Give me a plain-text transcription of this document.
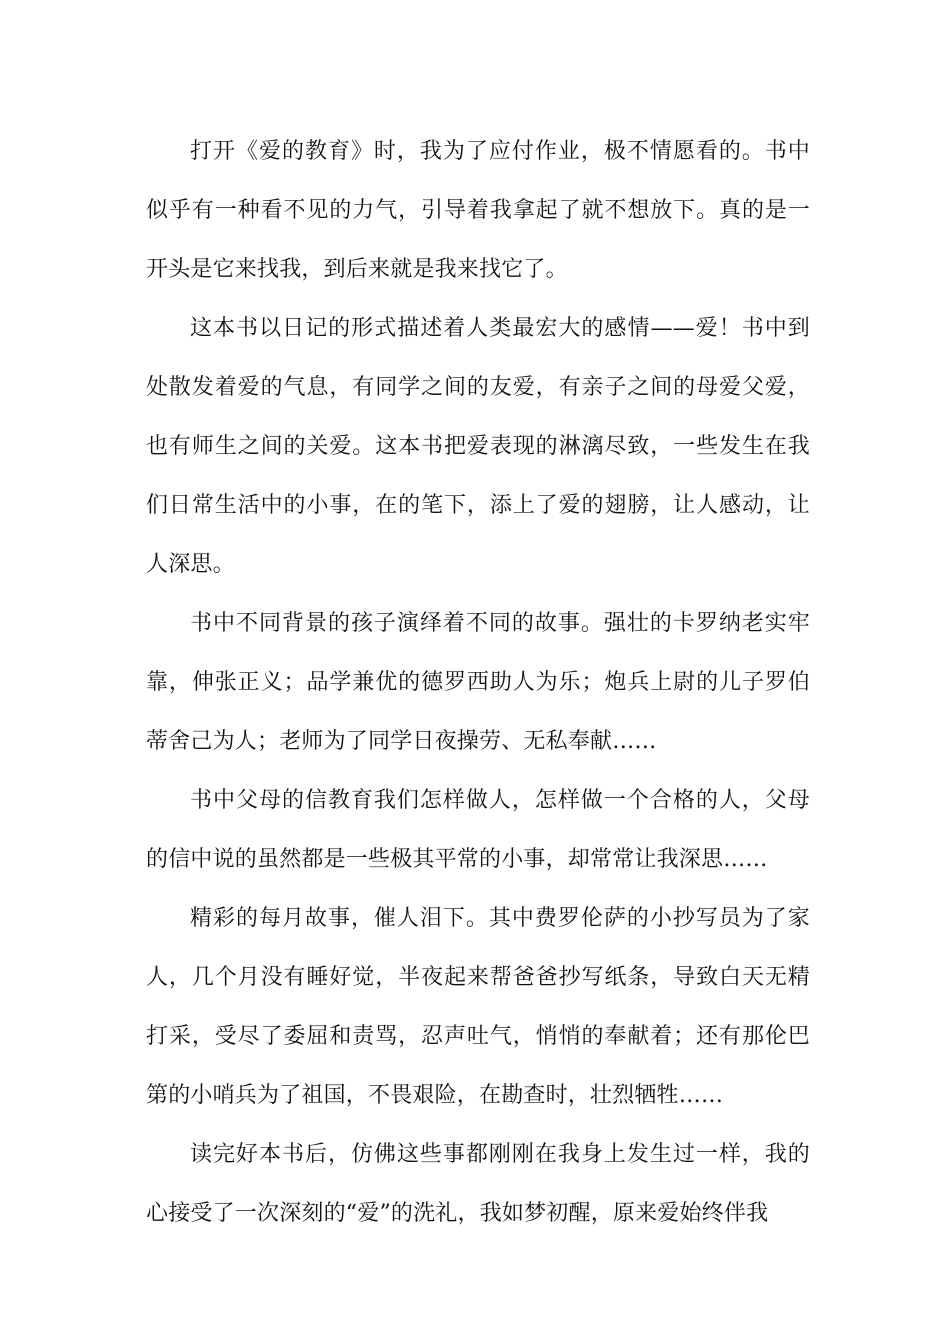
打开《爱的教育》时，我为了应付作业，极不情愿看的。书中似乎有一种看不见的力气，引导着我拿起了就不想放下。真的是一开头是它来找我，到后来就是我来找它了。

这本书以日记的形式描述着人类最宏大的感情——爱！书中到处散发着爱的气息，有同学之间的友爱，有亲子之间的母爱父爱，也有师生之间的关爱。这本书把爱表现的淋漓尽致，一些发生在我们日常生活中的小事，在的笔下，添上了爱的翅膀，让人感动，让人深思。

书中不同背景的孩子演绎着不同的故事。强壮的卡罗纳老实牢靠，伸张正义；品学兼优的德罗西助人为乐；炮兵上尉的儿子罗伯蒂舍己为人；老师为了同学日夜操劳、无私奉献……

书中父母的信教育我们怎样做人，怎样做一个合格的人，父母的信中说的虽然都是一些极其平常的小事，却常常让我深思……

精彩的每月故事，催人泪下。其中费罗伦萨的小抄写员为了家人，几个月没有睡好觉，半夜起来帮爸爸抄写纸条，导致白天无精打采，受尽了委屈和责骂，忍声吐气，悄悄的奉献着；还有那伦巴第的小哨兵为了祖国，不畏艰险，在勘查时，壮烈牺牲……

读完好本书后，仿佛这些事都刚刚在我身上发生过一样，我的心接受了一次深刻的“爱”的洗礼，我如梦初醒，原来爱始终伴我
